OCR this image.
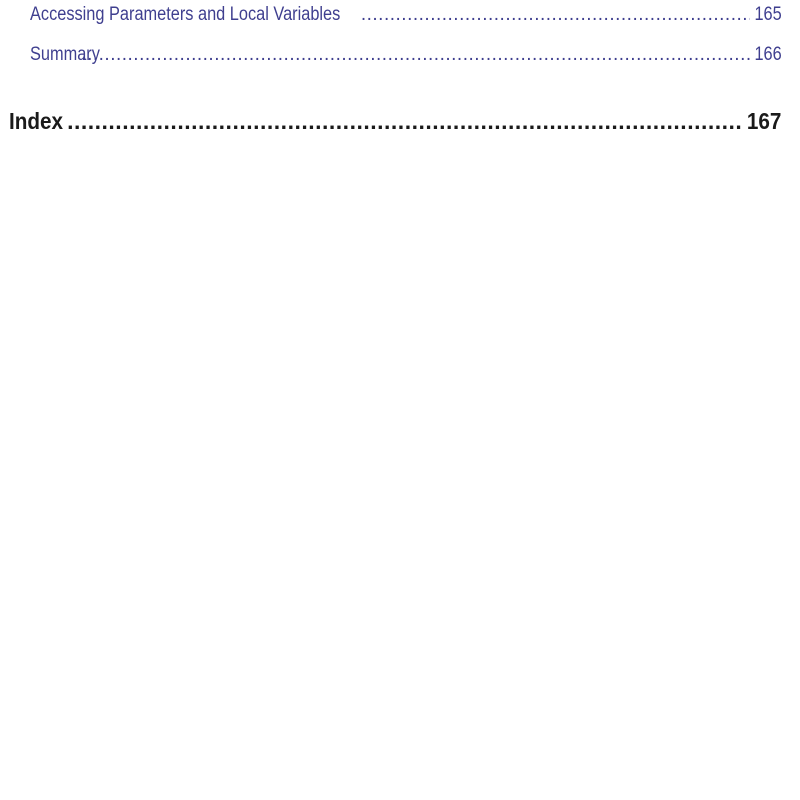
Accessing Parameters and Local Variables .....	165
Summary .....	166
Index .....	167
